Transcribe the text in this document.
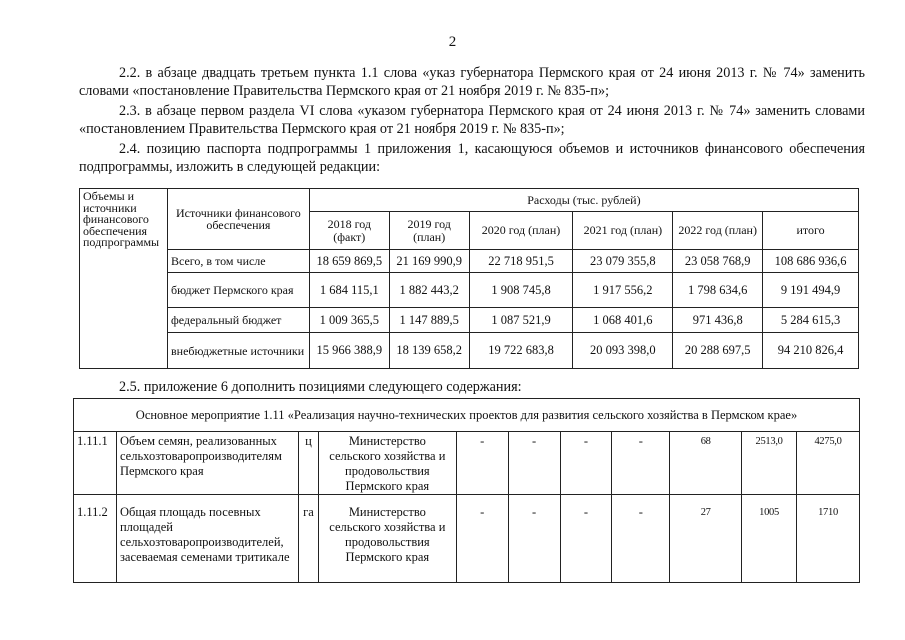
2
2.2. в абзаце двадцать третьем пункта 1.1 слова «указ губернатора Пермского края от 24 июня 2013 г. № 74» заменить словами «постановление Правительства Пермского края от 21 ноября 2019 г. № 835-п»;
2.3. в абзаце первом раздела VI слова «указом губернатора Пермского края от 24 июня 2013 г. № 74» заменить словами «постановлением Правительства Пермского края от 21 ноября 2019 г. № 835-п»;
2.4. позицию паспорта подпрограммы 1 приложения 1, касающуюся объемов и источников финансового обеспечения подпрограммы, изложить в следующей редакции:
Объемы и источники финансового обеспечения подпрограммы	Источники финансового обеспечения	Расходы (тыс. рублей)					
		2018 год (факт)	2019 год (план)	2020 год (план)	2021 год (план)	2022 год (план)	итого
	Всего, в том числе	18 659 869,5	21 169 990,9	22 718 951,5	23 079 355,8	23 058 768,9	108 686 936,6
	бюджет Пермского края	1 684 115,1	1 882 443,2	1 908 745,8	1 917 556,2	1 798 634,6	9 191 494,9
	федеральный бюджет	1 009 365,5	1 147 889,5	1 087 521,9	1 068 401,6	971 436,8	5 284 615,3
	внебюджетные источники	15 966 388,9	18 139 658,2	19 722 683,8	20 093 398,0	20 288 697,5	94 210 826,4
2.5. приложение 6 дополнить позициями следующего содержания:
Основное мероприятие 1.11 «Реализация научно-технических проектов для развития сельского хозяйства в Пермском крае»										
1.11.1	Объем семян, реализованных сельхозтоваропроизводителям Пермского края	ц	Министерство сельского хозяйства и продовольствия Пермского края	-	-	-	-	68	2513,0	4275,0
1.11.2	Общая площадь посевных площадей сельхозтоваропроизводителей, засеваемая семенами тритикале	га	Министерство сельского хозяйства и продовольствия Пермского края	-	-	-	-	27	1005	1710
